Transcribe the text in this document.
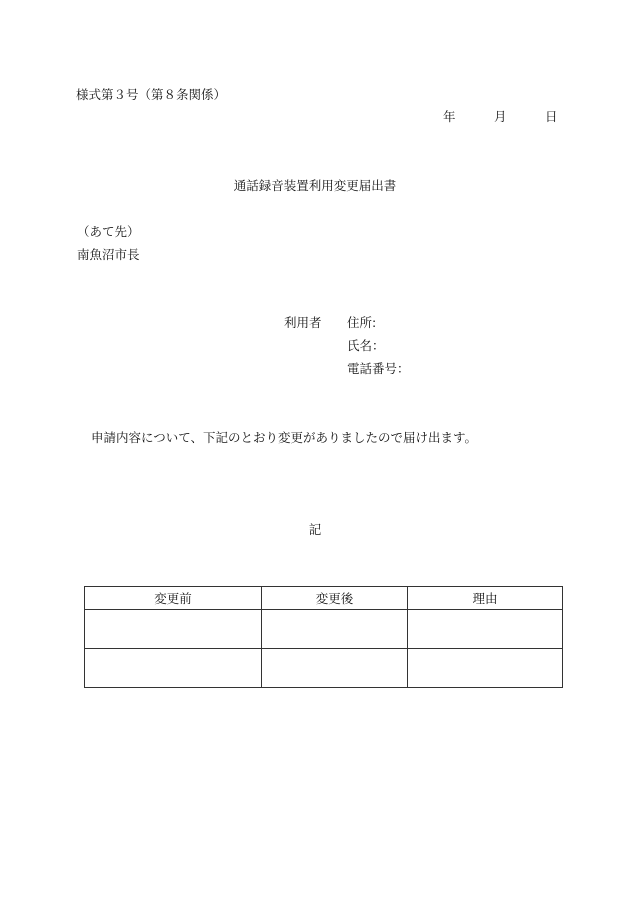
様式第３号（第８条関係）
年	月	日
通話録音装置利用変更届出書
（あて先）
南魚沼市長
利用者 住所:
氏名：
電話番号：
申請内容について、下記のとおり変更がありましたので届け出ます。
記
変更前	変更後	理由
